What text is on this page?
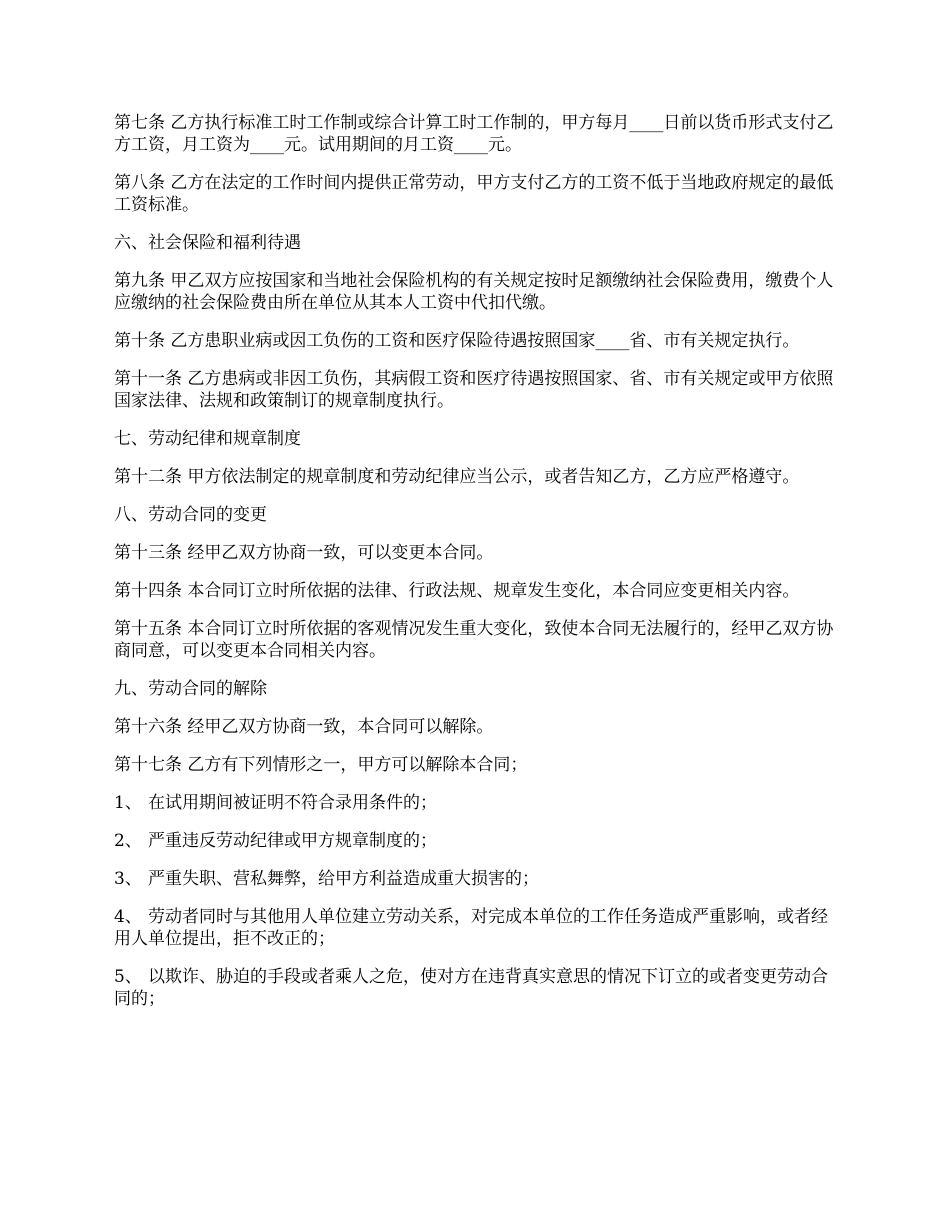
第七条 乙方执行标准工时工作制或综合计算工时工作制的，甲方每月____日前以货币形式支付乙方工资，月工资为____元。试用期间的月工资____元。

第八条 乙方在法定的工作时间内提供正常劳动，甲方支付乙方的工资不低于当地政府规定的最低工资标准。

六、社会保险和福利待遇

第九条 甲乙双方应按国家和当地社会保险机构的有关规定按时足额缴纳社会保险费用，缴费个人应缴纳的社会保险费由所在单位从其本人工资中代扣代缴。

第十条 乙方患职业病或因工负伤的工资和医疗保险待遇按照国家____省、市有关规定执行。

第十一条 乙方患病或非因工负伤，其病假工资和医疗待遇按照国家、省、市有关规定或甲方依照国家法律、法规和政策制订的规章制度执行。

七、劳动纪律和规章制度

第十二条 甲方依法制定的规章制度和劳动纪律应当公示，或者告知乙方，乙方应严格遵守。

八、劳动合同的变更

第十三条 经甲乙双方协商一致，可以变更本合同。

第十四条 本合同订立时所依据的法律、行政法规、规章发生变化，本合同应变更相关内容。

第十五条 本合同订立时所依据的客观情况发生重大变化，致使本合同无法履行的，经甲乙双方协商同意，可以变更本合同相关内容。

九、劳动合同的解除

第十六条 经甲乙双方协商一致，本合同可以解除。

第十七条 乙方有下列情形之一，甲方可以解除本合同；

1、 在试用期间被证明不符合录用条件的；

2、 严重违反劳动纪律或甲方规章制度的；

3、 严重失职、营私舞弊，给甲方利益造成重大损害的；

4、 劳动者同时与其他用人单位建立劳动关系，对完成本单位的工作任务造成严重影响，或者经用人单位提出，拒不改正的；

5、 以欺诈、胁迫的手段或者乘人之危，使对方在违背真实意思的情况下订立的或者变更劳动合同的；
